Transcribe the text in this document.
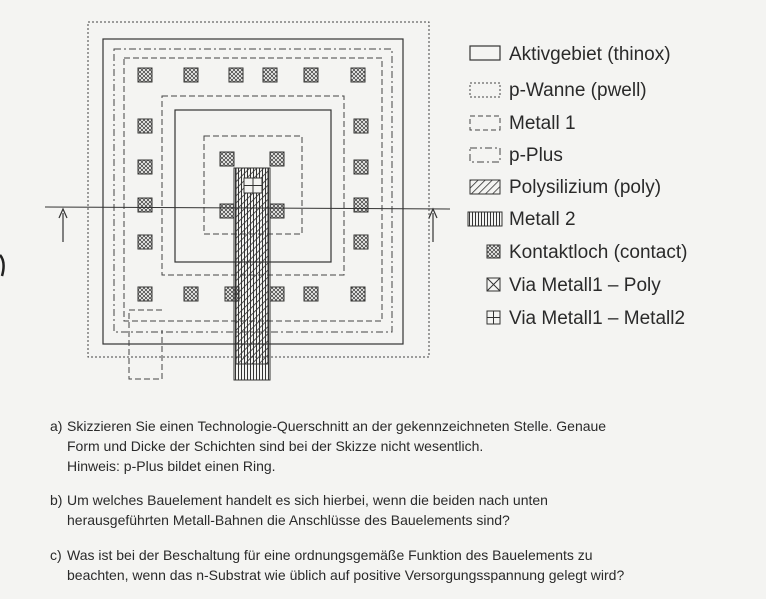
Aktivgebiet (thinox)
p-Wanne (pwell)
Metall 1
p-Plus
Polysilizium (poly)
Metall 2
Kontaktloch (contact)
Via Metall1 – Poly
Via Metall1 – Metall2
a) Skizzieren Sie einen Technologie-Querschnitt an der gekennzeichneten Stelle. Genaue
Form und Dicke der Schichten sind bei der Skizze nicht wesentlich.
Hinweis: p-Plus bildet einen Ring.
b) Um welches Bauelement handelt es sich hierbei, wenn die beiden nach unten
herausgeführten Metall-Bahnen die Anschlüsse des Bauelements sind?
c) Was ist bei der Beschaltung für eine ordnungsgemäße Funktion des Bauelements zu
beachten, wenn das n-Substrat wie üblich auf positive Versorgungsspannung gelegt wird?
